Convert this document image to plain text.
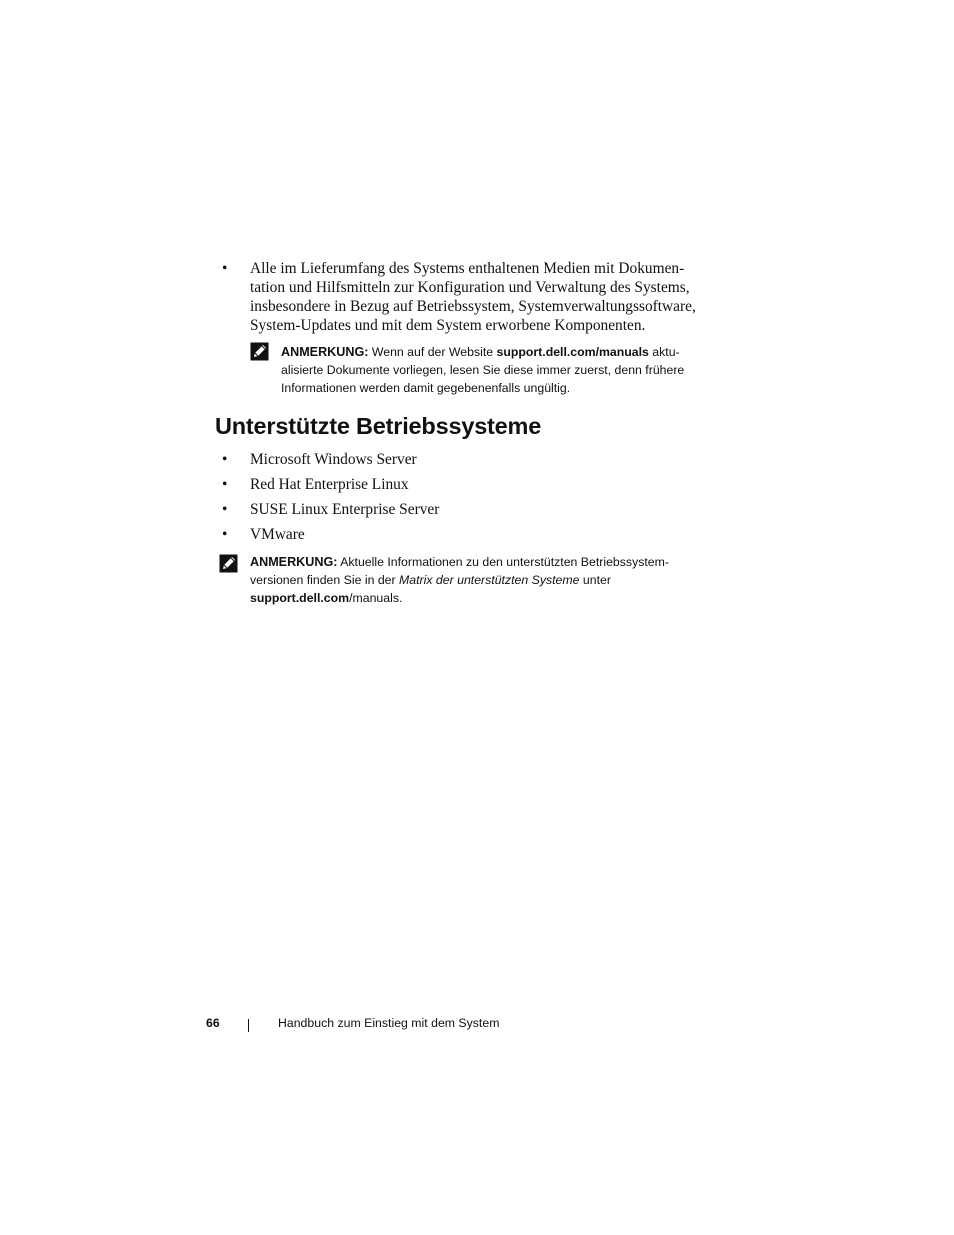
• Alle im Lieferumfang des Systems enthaltenen Medien mit Dokumen-
tation und Hilfsmitteln zur Konfiguration und Verwaltung des Systems,
insbesondere in Bezug auf Betriebssystem, Systemverwaltungssoftware,
System-Updates und mit dem System erworbene Komponenten.
ANMERKUNG: Wenn auf der Website support.dell.com/manuals aktu-
alisierte Dokumente vorliegen, lesen Sie diese immer zuerst, denn frühere
Informationen werden damit gegebenenfalls ungültig.
Unterstützte Betriebssysteme
• Microsoft Windows Server
• Red Hat Enterprise Linux
• SUSE Linux Enterprise Server
• VMware
ANMERKUNG: Aktuelle Informationen zu den unterstützten Betriebssystem-
versionen finden Sie in der Matrix der unterstützten Systeme unter
support.dell.com/manuals.
66	Handbuch zum Einstieg mit dem System
